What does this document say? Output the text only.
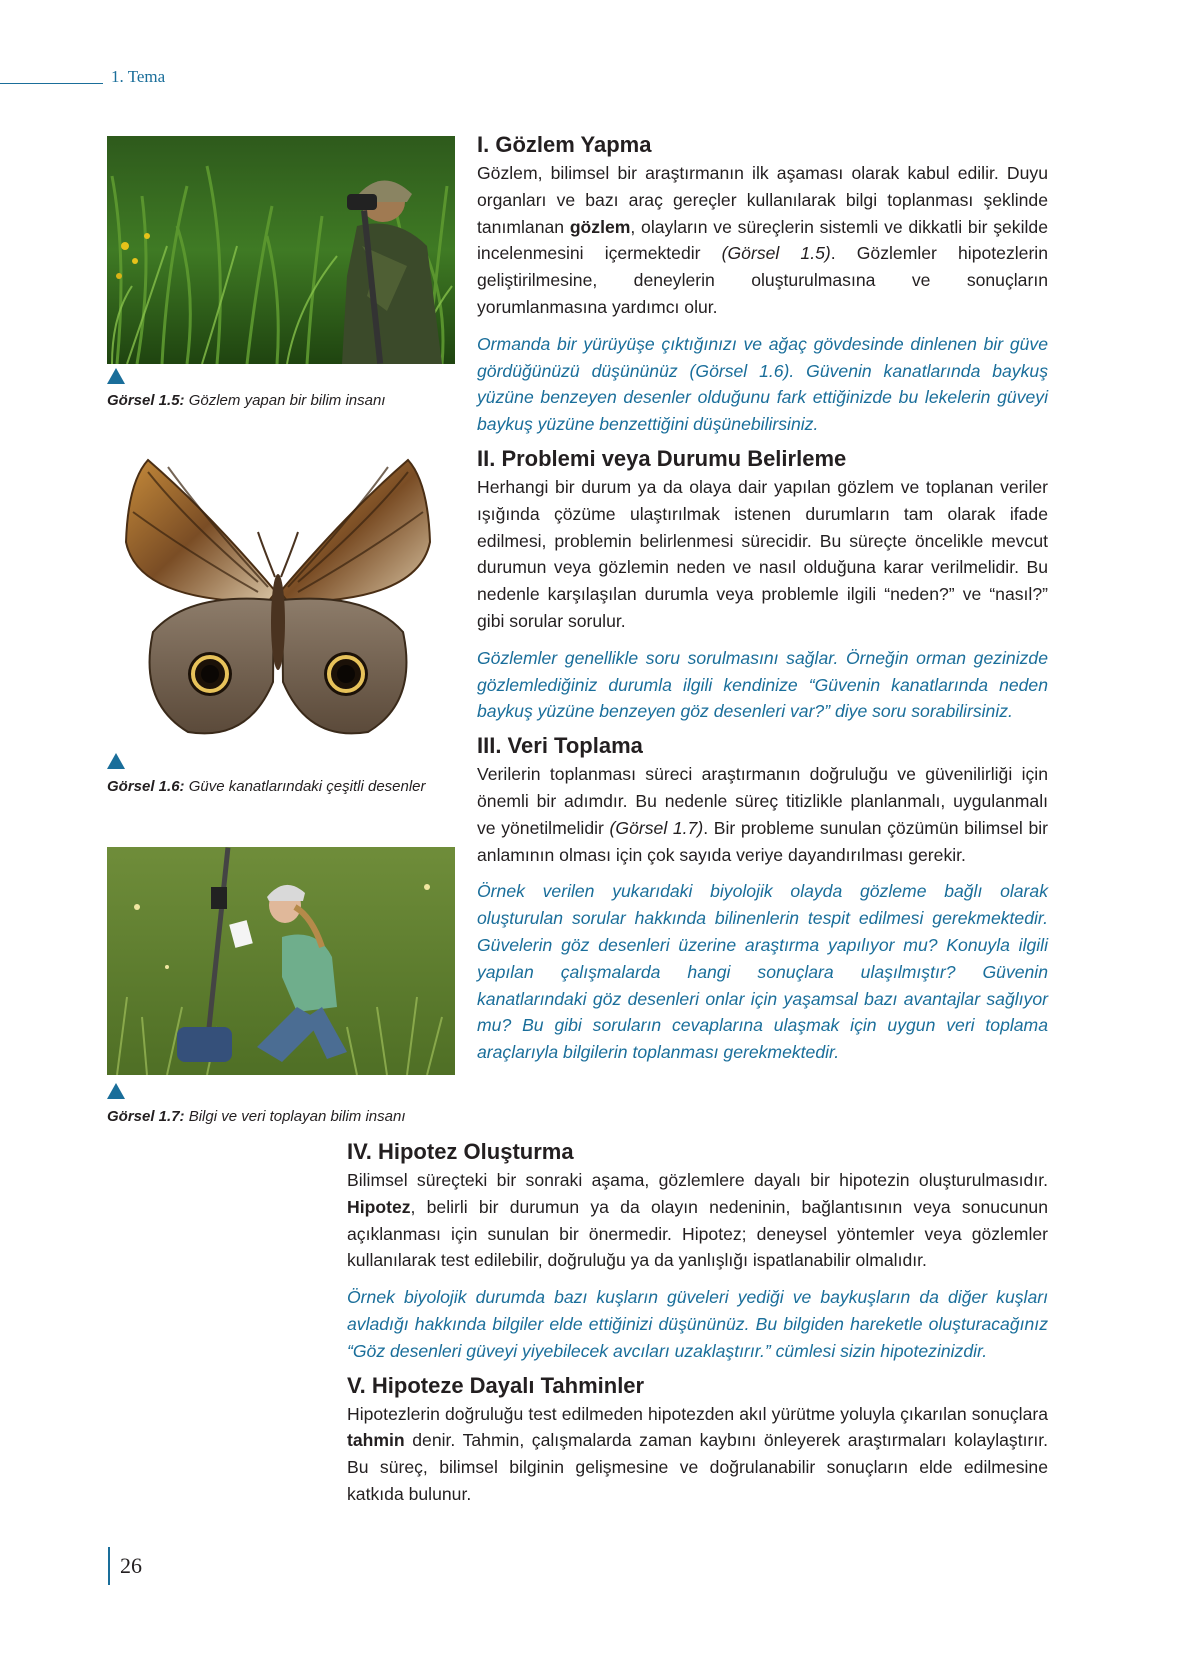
1. Tema
Görsel 1.5: Gözlem yapan bir bilim insanı
Görsel 1.6: Güve kanatlarındaki çeşitli desenler
Görsel 1.7: Bilgi ve veri toplayan bilim insanı
I. Gözlem Yapma

Gözlem, bilimsel bir araştırmanın ilk aşaması olarak kabul edilir. Duyu organları ve bazı araç gereçler kullanılarak bilgi toplanması şeklinde tanımlanan gözlem, olayların ve süreçlerin sistemli ve dikkatli bir şekilde incelenmesini içermektedir (Görsel 1.5). Gözlemler hipotezlerin geliştirilmesine, deneylerin oluşturulmasına ve sonuçların yorumlanmasına yardımcı olur.

Ormanda bir yürüyüşe çıktığınızı ve ağaç gövdesinde dinlenen bir güve gördüğünüzü düşününüz (Görsel 1.6). Güvenin kanatlarında baykuş yüzüne benzeyen desenler olduğunu fark ettiğinizde bu lekelerin güveyi baykuş yüzüne benzettiğini düşünebilirsiniz.

II. Problemi veya Durumu Belirleme

Herhangi bir durum ya da olaya dair yapılan gözlem ve toplanan veriler ışığında çözüme ulaştırılmak istenen durumların tam olarak ifade edilmesi, problemin belirlenmesi sürecidir. Bu süreçte öncelikle mevcut durumun veya gözlemin neden ve nasıl olduğuna karar verilmelidir. Bu nedenle karşılaşılan durumla veya problemle ilgili “neden?” ve “nasıl?” gibi sorular sorulur.

Gözlemler genellikle soru sorulmasını sağlar. Örneğin orman gezinizde gözlemlediğiniz durumla ilgili kendinize “Güvenin kanatlarında neden baykuş yüzüne benzeyen göz desenleri var?” diye soru sorabilirsiniz.

III. Veri Toplama

Verilerin toplanması süreci araştırmanın doğruluğu ve güvenilirliği için önemli bir adımdır. Bu nedenle süreç titizlikle planlanmalı, uygulanmalı ve yönetilmelidir (Görsel 1.7). Bir probleme sunulan çözümün bilimsel bir anlamının olması için çok sayıda veriye dayandırılması gerekir.

Örnek verilen yukarıdaki biyolojik olayda gözleme bağlı olarak oluşturulan sorular hakkında bilinenlerin tespit edilmesi gerekmektedir. Güvelerin göz desenleri üzerine araştırma yapılıyor mu? Konuyla ilgili yapılan çalışmalarda hangi sonuçlara ulaşılmıştır? Güvenin kanatlarındaki göz desenleri onlar için yaşamsal bazı avantajlar sağlıyor mu? Bu gibi soruların cevaplarına ulaşmak için uygun veri toplama araçlarıyla bilgilerin toplanması gerekmektedir.

IV. Hipotez Oluşturma

Bilimsel süreçteki bir sonraki aşama, gözlemlere dayalı bir hipotezin oluşturulmasıdır. Hipotez, belirli bir durumun ya da olayın nedeninin, bağlantısının veya sonucunun açıklanması için sunulan bir önermedir. Hipotez; deneysel yöntemler veya gözlemler kullanılarak test edilebilir, doğruluğu ya da yanlışlığı ispatlanabilir olmalıdır.

Örnek biyolojik durumda bazı kuşların güveleri yediği ve baykuşların da diğer kuşları avladığı hakkında bilgiler elde ettiğinizi düşününüz. Bu bilgiden hareketle oluşturacağınız “Göz desenleri güveyi yiyebilecek avcıları uzaklaştırır.” cümlesi sizin hipotezinizdir.

V. Hipoteze Dayalı Tahminler

Hipotezlerin doğruluğu test edilmeden hipotezden akıl yürütme yoluyla çıkarılan sonuçlara tahmin denir. Tahmin, çalışmalarda zaman kaybını önleyerek araştırmaları kolaylaştırır. Bu süreç, bilimsel bilginin gelişmesine ve doğrulanabilir sonuçların elde edilmesine katkıda bulunur.

26
